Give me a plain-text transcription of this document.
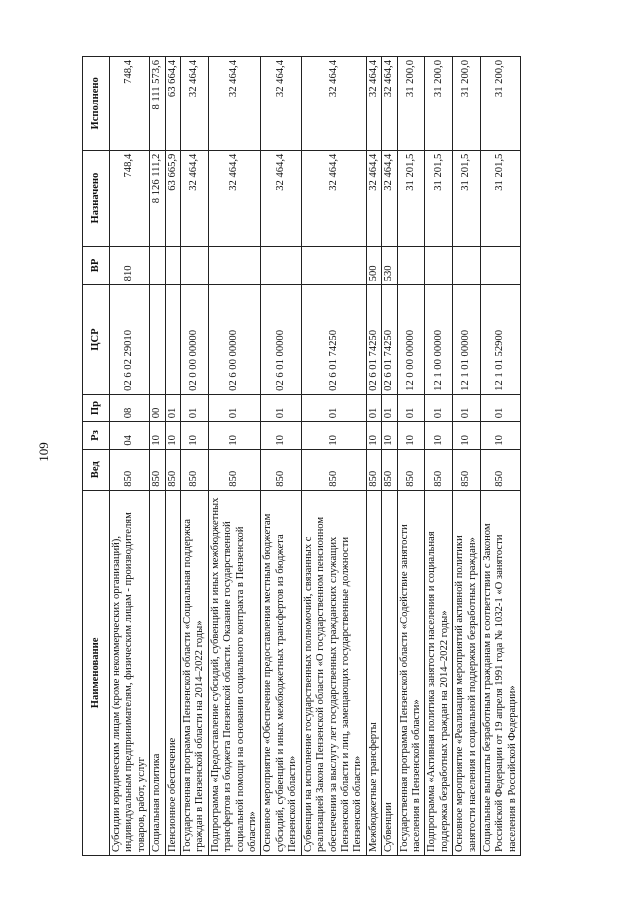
109
Наименование	Вед	Рз	Пр	ЦСР	ВР	Назначено	Исполнено
Субсидии юридическим лицам (кроме некоммерческих организаций), индивидуальным предпринимателям, физическим лицам - производителям товаров, работ, услуг	850	04	08	02 6 02 29010	810	748,4	748,4
Социальная политика	850	10	00			8 126 111,2	8 111 573,6
Пенсионное обеспечение	850	10	01			63 665,9	63 664,4
Государственная программа Пензенской области «Социальная поддержка граждан в Пензенской области на 2014–2022 годы»	850	10	01	02 0 00 00000		32 464,4	32 464,4
Подпрограмма «Предоставление субсидий, субвенций и иных межбюджетных трансфертов из бюджета Пензенской области. Оказание государственной социальной помощи на основании социального контракта в Пензенской области»	850	10	01	02 6 00 00000		32 464,4	32 464,4
Основное мероприятие «Обеспечение предоставления местным бюджетам субсидий, субвенций и иных межбюджетных трансфертов из бюджета Пензенской области»	850	10	01	02 6 01 00000		32 464,4	32 464,4
Субвенции на исполнение государственных полномочий, связанных с реализацией Закона Пензенской области «О государственном пенсионном обеспечении за выслугу лет государственных гражданских служащих Пензенской области и лиц, замещающих государственные должности Пензенской области»	850	10	01	02 6 01 74250		32 464,4	32 464,4
Межбюджетные трансферты	850	10	01	02 6 01 74250	500	32 464,4	32 464,4
Субвенции	850	10	01	02 6 01 74250	530	32 464,4	32 464,4
Государственная программа Пензенской области «Содействие занятости населения в Пензенской области»	850	10	01	12 0 00 00000		31 201,5	31 200,0
Подпрограмма «Активная политика занятости населения и социальная поддержка безработных граждан на 2014–2022 годы»	850	10	01	12 1 00 00000		31 201,5	31 200,0
Основное мероприятие «Реализация мероприятий активной политики занятости населения и социальной поддержки безработных граждан»	850	10	01	12 1 01 00000		31 201,5	31 200,0
Социальные выплаты безработным гражданам в соответствии с Законом Российской Федерации от 19 апреля 1991 года № 1032-1 «О занятости населения в Российской Федерации»	850	10	01	12 1 01 52900		31 201,5	31 200,0
